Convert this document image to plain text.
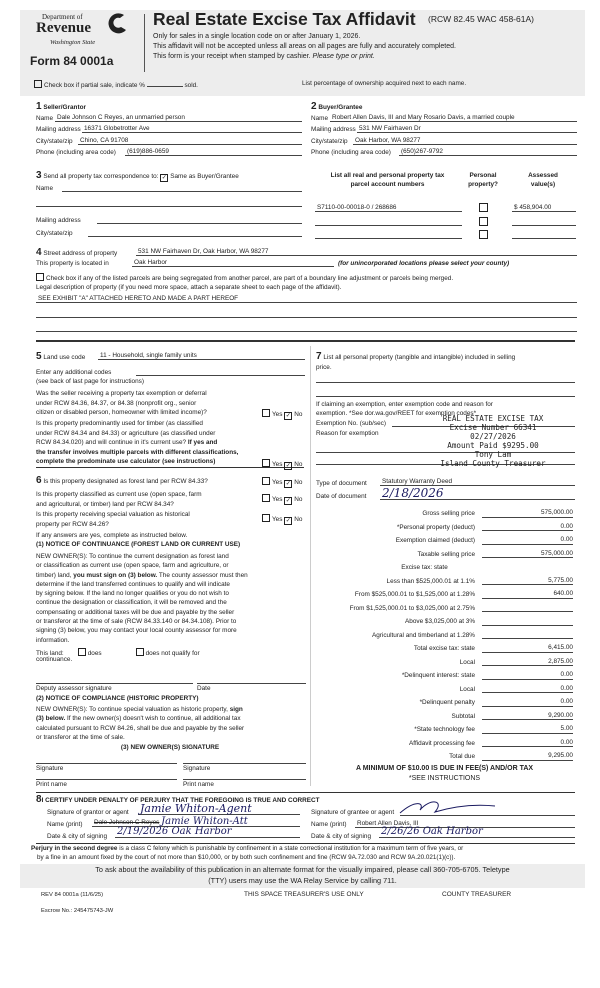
Department of
Revenue
Washington State
Form 84 0001a
Real Estate Excise Tax Affidavit (RCW 82.45 WAC 458-61A)
Only for sales in a single location code on or after January 1, 2026.
This affidavit will not be accepted unless all areas on all pages are fully and accurately completed.
This form is your receipt when stamped by cashier. Please type or print.
Check box if partial sale, indicate %	sold.	List percentage of ownership acquired next to each name.
1 Seller/Grantor
Name Dale Johnson C Reyes, an unmarried person
Mailing address 16371 Globetrotter Ave
City/state/zip	Chino, CA 91708
Phone (including area code)	(619)886-0659
2 Buyer/Grantee
Name Robert Allen Davis, III and Mary Rosario Davis, a married couple
Mailing address 531 NW Fairhaven Dr
City/state/zip	Oak Harbor, WA 98277
Phone (including area code)	(650)267-9792
3 Send all property tax correspondence to: ✓ Same as Buyer/Grantee
Name
Mailing address
City/state/zip
List all real and personal property tax
parcel account numbers
Personal
property?
Assessed
value(s)
S7110-00-00018-0 / 268686	$ 458,904.00
4 Street address of property	531 NW Fairhaven Dr, Oak Harbor, WA 98277
This property is located in	Oak Harbor	(for unincorporated locations please select your county)
Check box if any of the listed parcels are being segregated from another parcel, are part of a boundary line adjustment or parcels being merged.
Legal description of property (if you need more space, attach a separate sheet to each page of the affidavit).
SEE EXHIBIT "A" ATTACHED HERETO AND MADE A PART HEREOF
5 Land use code	11 - Household, single family units
Enter any additional codes
(see back of last page for instructions)
Was the seller receiving a property tax exemption or deferral
under RCW 84.36, 84.37, or 84.38 (nonprofit org., senior
citizen or disabled person, homeowner with limited income)?
Is this property predominantly used for timber (as classified
under RCW 84.34 and 84.33) or agriculture (as classified under
RCW 84.34.020) and will continue in it's current use? If yes and
the transfer involves multiple parcels with different classifications,
complete the predominate use calculator (see instructions)
6 Is this property designated as forest land per RCW 84.33?
Is this property classified as current use (open space, farm
and agricultural, or timber) land per RCW 84.34?
Is this property receiving special valuation as historical
property per RCW 84.26?
Yes ✓ No
Yes ✓ No
Yes ✓ No
Yes ✓ No
Yes ✓ No
If any answers are yes, complete as instructed below.
(1) NOTICE OF CONTINUANCE (FOREST LAND OR CURRENT USE)
NEW OWNER(S): To continue the current designation as forest land
or classification as current use (open space, farm and agriculture, or
timber) land, you must sign on (3) below. The county assessor must then
determine if the land transferred continues to qualify and will indicate
by signing below. If the land no longer qualifies or you do not wish to
continue the designation or classification, it will be removed and the
compensating or additional taxes will be due and payable by the seller
or transferor at the time of sale (RCW 84.33.140 or 84.34.108). Prior to
signing (3) below, you may contact your local county assessor for more
information.
This land:	does	does not qualify for
continuance.
Deputy assessor signature	Date
(2) NOTICE OF COMPLIANCE (HISTORIC PROPERTY)
NEW OWNER(S): To continue special valuation as historic property, sign
(3) below. If the new owner(s) doesn't wish to continue, all additional tax
calculated pursuant to RCW 84.26, shall be due and payable by the seller
or transferor at the time of sale.
(3) NEW OWNER(S) SIGNATURE
Signature	Signature
Print name	Print name
7 List all personal property (tangible and intangible) included in selling
price.
If claiming an exemption, enter exemption code and reason for
exemption. *See dor.wa.gov/REET for exemption codes*
Exemption No. (sub/sec)
Reason for exemption
REAL ESTATE EXCISE TAX
Excise Number 66341
02/27/2026
Amount Paid $9295.00
Tony Lam
Island County Treasurer
Type of document	Statutory Warranty Deed
Date of document 2/18/2026
Gross selling price	575,000.00
*Personal property (deduct)	0.00
Exemption claimed (deduct)	0.00
Taxable selling price	575,000.00
Excise tax: state
Less than $525,000.01 at 1.1%	5,775.00
From $525,000.01 to $1,525,000 at 1.28%	640.00
From $1,525,000.01 to $3,025,000 at 2.75%
Above $3,025,000 at 3%
Agricultural and timberland at 1.28%
Total excise tax: state	6,415.00
Local	2,875.00
*Delinquent interest: state	0.00
Local	0.00
*Delinquent penalty	0.00
Subtotal	9,290.00
*State technology fee	5.00
Affidavit processing fee	0.00
Total due	9,295.00
A MINIMUM OF $10.00 IS DUE IN FEE(S) AND/OR TAX
*SEE INSTRUCTIONS
8I CERTIFY UNDER PENALTY OF PERJURY THAT THE FOREGOING IS TRUE AND CORRECT
Signature of grantor or agent Jamie Whiton-Agent
Name (print)	Dale Johnson C Reyes Jamie Whiton-Att
Date & city of signing 2/19/2026 Oak Harbor
Signature of grantee or agent
Name (print)	Robert Allen Davis, III
Date & city of signing 2/26/26 Oak Harbor
Perjury in the second degree is a class C felony which is punishable by confinement in a state correctional institution for a maximum term of five years, or
by a fine in an amount fixed by the court of not more than $10,000, or by both such confinement and fine (RCW 9A.72.030 and RCW 9A.20.021(1)(c)).
To ask about the availability of this publication in an alternate format for the visually impaired, please call 360-705-6705. Teletype
(TTY) users may use the WA Relay Service by calling 711.
REV 84 0001a (11/6/25)	THIS SPACE TREASURER'S USE ONLY	COUNTY TREASURER
Escrow No.: 245475743-JW
